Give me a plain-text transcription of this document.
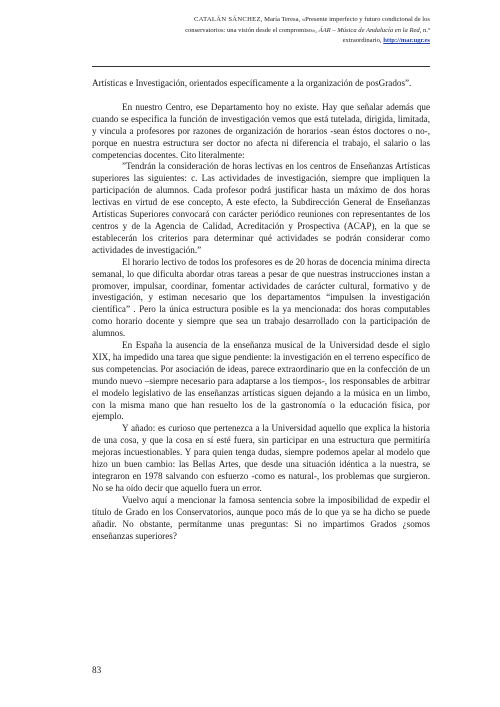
CATALÁN SÁNCHEZ, María Teresa, «Presente imperfecto y futuro condicional de los
conservatorios: una visión desde el compromiso», ÁAR – Música de Andalucía en la Red, n.º
extraordinario, http://mar.ugr.es

Artísticas e Investigación, orientados específicamente a la organización de posGrados”.

En nuestro Centro, ese Departamento hoy no existe. Hay que señalar además que cuando se especifica la función de investigación vemos que está tutelada, dirigida, limitada, y vincula a profesores por razones de organización de horarios -sean éstos doctores o no-, porque en nuestra estructura ser doctor no afecta ni diferencia el trabajo, el salario o las competencias docentes. Cito literalmente:

”Tendrán la consideración de horas lectivas en los centros de Enseñanzas Artísticas superiores las siguientes: c. Las actividades de investigación, siempre que impliquen la participación de alumnos. Cada profesor podrá justificar hasta un máximo de dos horas lectivas en virtud de ese concepto, A este efecto, la Subdirección General de Enseñanzas Artísticas Superiores convocará con carácter periódico reuniones con representantes de los centros y de la Agencia de Calidad, Acreditación y Prospectiva (ACAP), en la que se establecerán los criterios para determinar qué actividades se podrán considerar como actividades de investigación.”

El horario lectivo de todos los profesores es de 20 horas de docencia mínima directa semanal, lo que dificulta abordar otras tareas a pesar de que nuestras instrucciones instan a promover, impulsar, coordinar, fomentar actividades de carácter cultural, formativo y de investigación, y estiman necesario que los departamentos “impulsen la investigación científica” . Pero la única estructura posible es la ya mencionada: dos horas computables como horario docente y siempre que sea un trabajo desarrollado con la participación de alumnos.

En España la ausencia de la enseñanza musical de la Universidad desde el siglo XIX, ha impedido una tarea que sigue pendiente: la investigación en el terreno específico de sus competencias. Por asociación de ideas, parece extraordinario que en la confección de un mundo nuevo –siempre necesario para adaptarse a los tiempos-, los responsables de arbitrar el modelo legislativo de las enseñanzas artísticas siguen dejando a la música en un limbo, con la misma mano que han resuelto los de la gastronomía o la educación física, por ejemplo.

Y añado: es curioso que pertenezca a la Universidad aquello que explica la historia de una cosa, y que la cosa en sí esté fuera, sin participar en una estructura que permitiría mejoras incuestionables. Y para quien tenga dudas, siempre podemos apelar al modelo que hizo un buen cambio: las Bellas Artes, que desde una situación idéntica a la nuestra, se integraron en 1978 salvando con esfuerzo -como es natural-, los problemas que surgieron. No se ha oído decir que aquello fuera un error.

Vuelvo aquí a mencionar la famosa sentencia sobre la imposibilidad de expedir el título de Grado en los Conservatorios, aunque poco más de lo que ya se ha dicho se puede añadir. No obstante, permítanme unas preguntas: Si no impartimos Grados ¿somos enseñanzas superiores?

83
